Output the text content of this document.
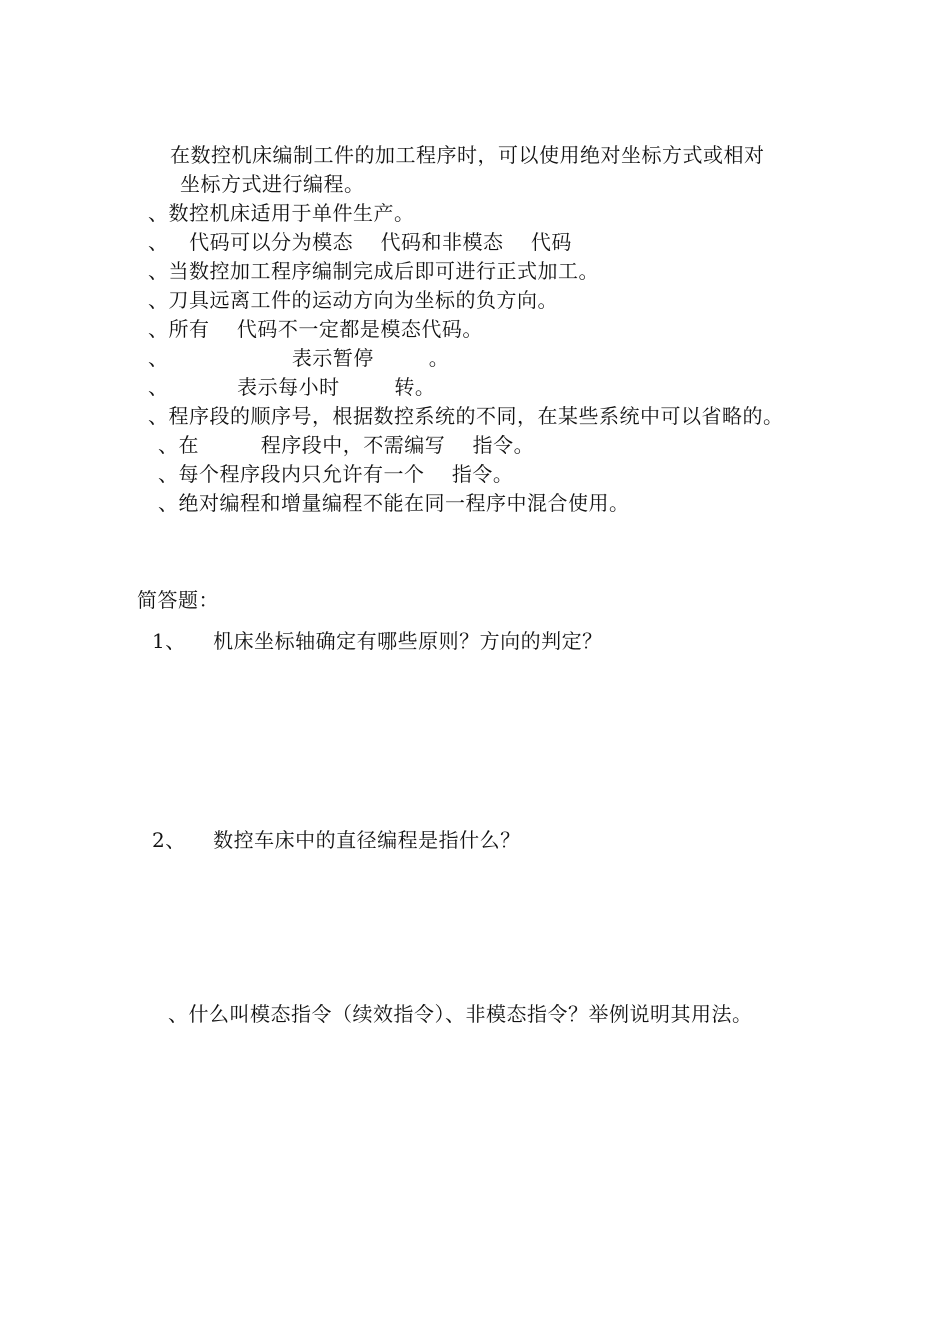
在数控机床编制工件的加工程序时，可以使用绝对坐标方式或相对
坐标方式进行编程。
、数控机床适用于单件生产。
、   代码可以分为模态    代码和非模态    代码
、当数控加工程序编制完成后即可进行正式加工。
、刀具远离工件的运动方向为坐标的负方向。
、所有    代码不一定都是模态代码。
、                  表示暂停        。
、          表示每小时        转。
、程序段的顺序号，根据数控系统的不同，在某些系统中可以省略的。
、在         程序段中，不需编写    指令。
、每个程序段内只允许有一个    指令。
、绝对编程和增量编程不能在同一程序中混合使用。
简答题：
1、    机床坐标轴确定有哪些原则？方向的判定？
2、    数控车床中的直径编程是指什么？
、什么叫模态指令（续效指令）、非模态指令？举例说明其用法。
